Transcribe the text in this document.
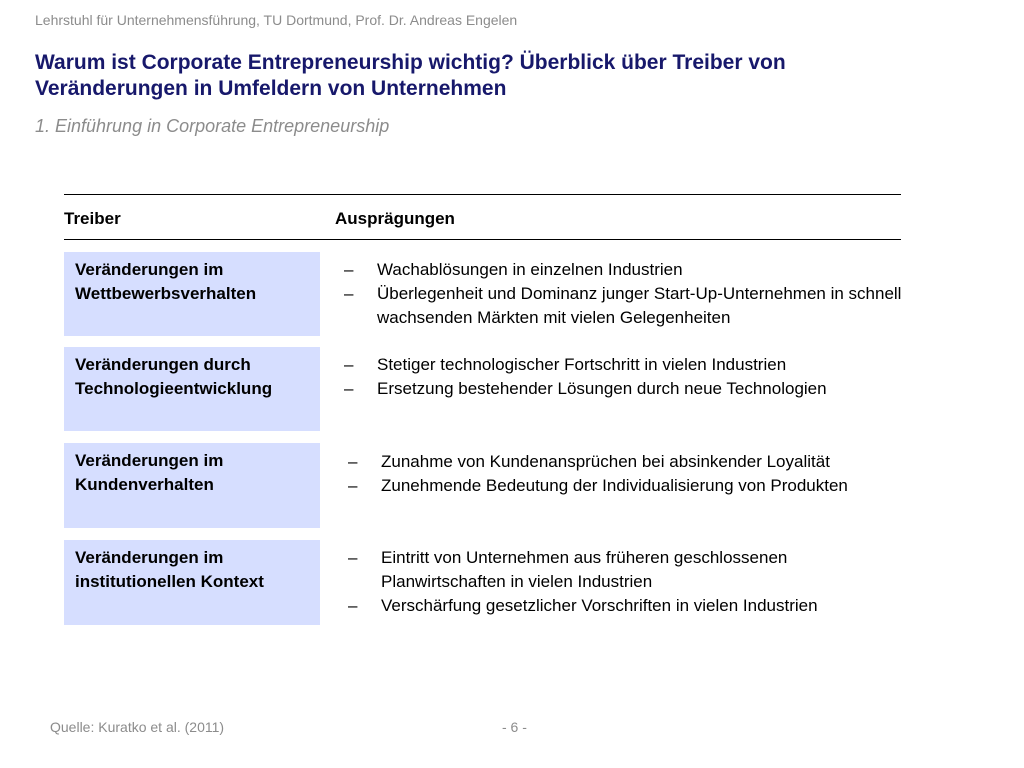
Lehrstuhl für Unternehmensführung, TU Dortmund, Prof. Dr. Andreas Engelen
Warum ist Corporate Entrepreneurship wichtig? Überblick über Treiber von
Veränderungen in Umfeldern von Unternehmen
1. Einführung in Corporate Entrepreneurship
Treiber	Ausprägungen
Veränderungen im
Wettbewerbsverhalten
– Wachablösungen in einzelnen Industrien
– Überlegenheit und Dominanz junger Start-Up-Unternehmen in schnell wachsenden Märkten mit vielen Gelegenheiten
Veränderungen durch
Technologieentwicklung
– Stetiger technologischer Fortschritt in vielen Industrien
– Ersetzung bestehender Lösungen durch neue Technologien
Veränderungen im
Kundenverhalten
– Zunahme von Kundenansprüchen bei absinkender Loyalität
– Zunehmende Bedeutung der Individualisierung von Produkten
Veränderungen im
institutionellen Kontext
– Eintritt von Unternehmen aus früheren geschlossenen Planwirtschaften in vielen Industrien
– Verschärfung gesetzlicher Vorschriften in vielen Industrien
Quelle: Kuratko et al. (2011)	- 6 -
